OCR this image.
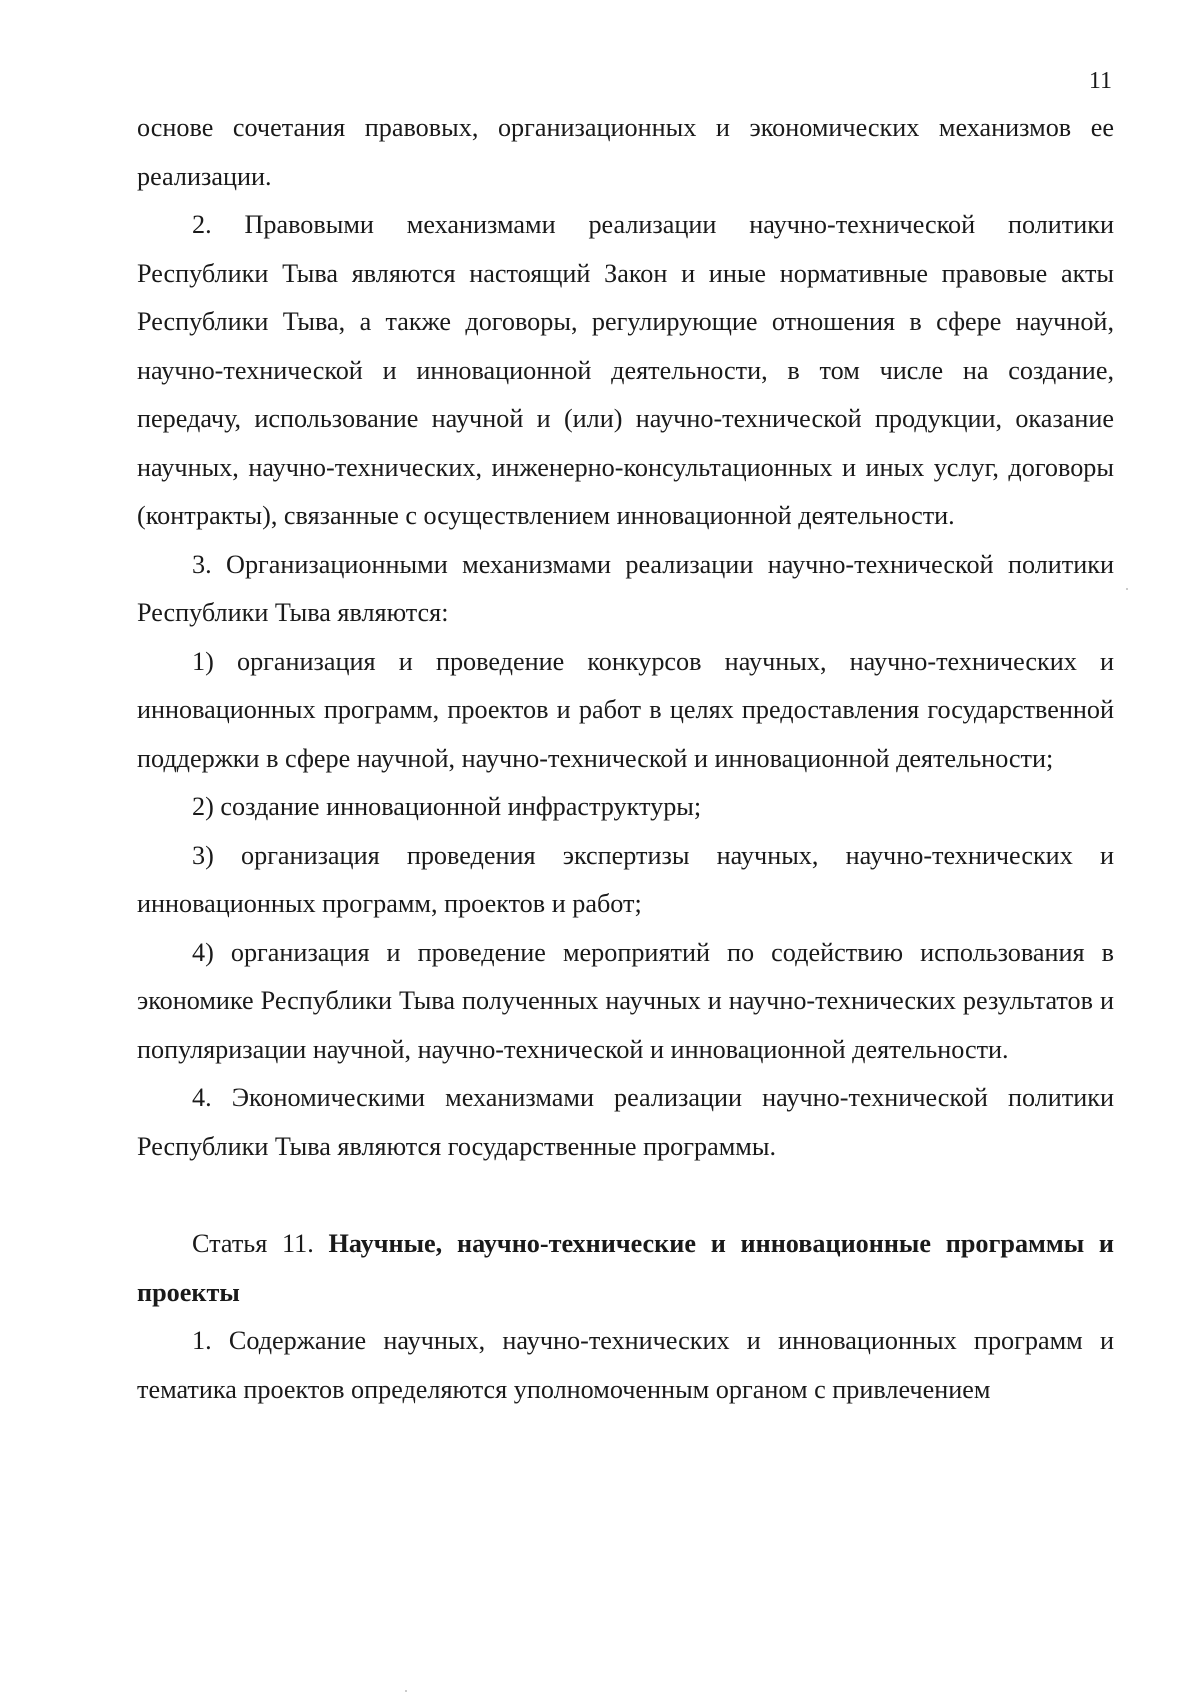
11

основе сочетания правовых, организационных и экономических механизмов ее реализации.

2. Правовыми механизмами реализации научно-технической политики Республики Тыва являются настоящий Закон и иные нормативные правовые акты Республики Тыва, а также договоры, регулирующие отношения в сфере научной, научно-технической и инновационной деятельности, в том числе на создание, передачу, использование научной и (или) научно-технической продукции, оказание научных, научно-технических, инженерно-консультационных и иных услуг, договоры (контракты), связанные с осуществлением инновационной деятельности.

3. Организационными механизмами реализации научно-технической политики Республики Тыва являются:

1) организация и проведение конкурсов научных, научно-технических и инновационных программ, проектов и работ в целях предоставления государственной поддержки в сфере научной, научно-технической и инновационной деятельности;

2) создание инновационной инфраструктуры;

3) организация проведения экспертизы научных, научно-технических и инновационных программ, проектов и работ;

4) организация и проведение мероприятий по содействию использования в экономике Республики Тыва полученных научных и научно-технических результатов и популяризации научной, научно-технической и инновационной деятельности.

4. Экономическими механизмами реализации научно-технической политики Республики Тыва являются государственные программы.

Статья 11. Научные, научно-технические и инновационные программы и проекты

1. Содержание научных, научно-технических и инновационных программ и тематика проектов определяются уполномоченным органом с привлечением
